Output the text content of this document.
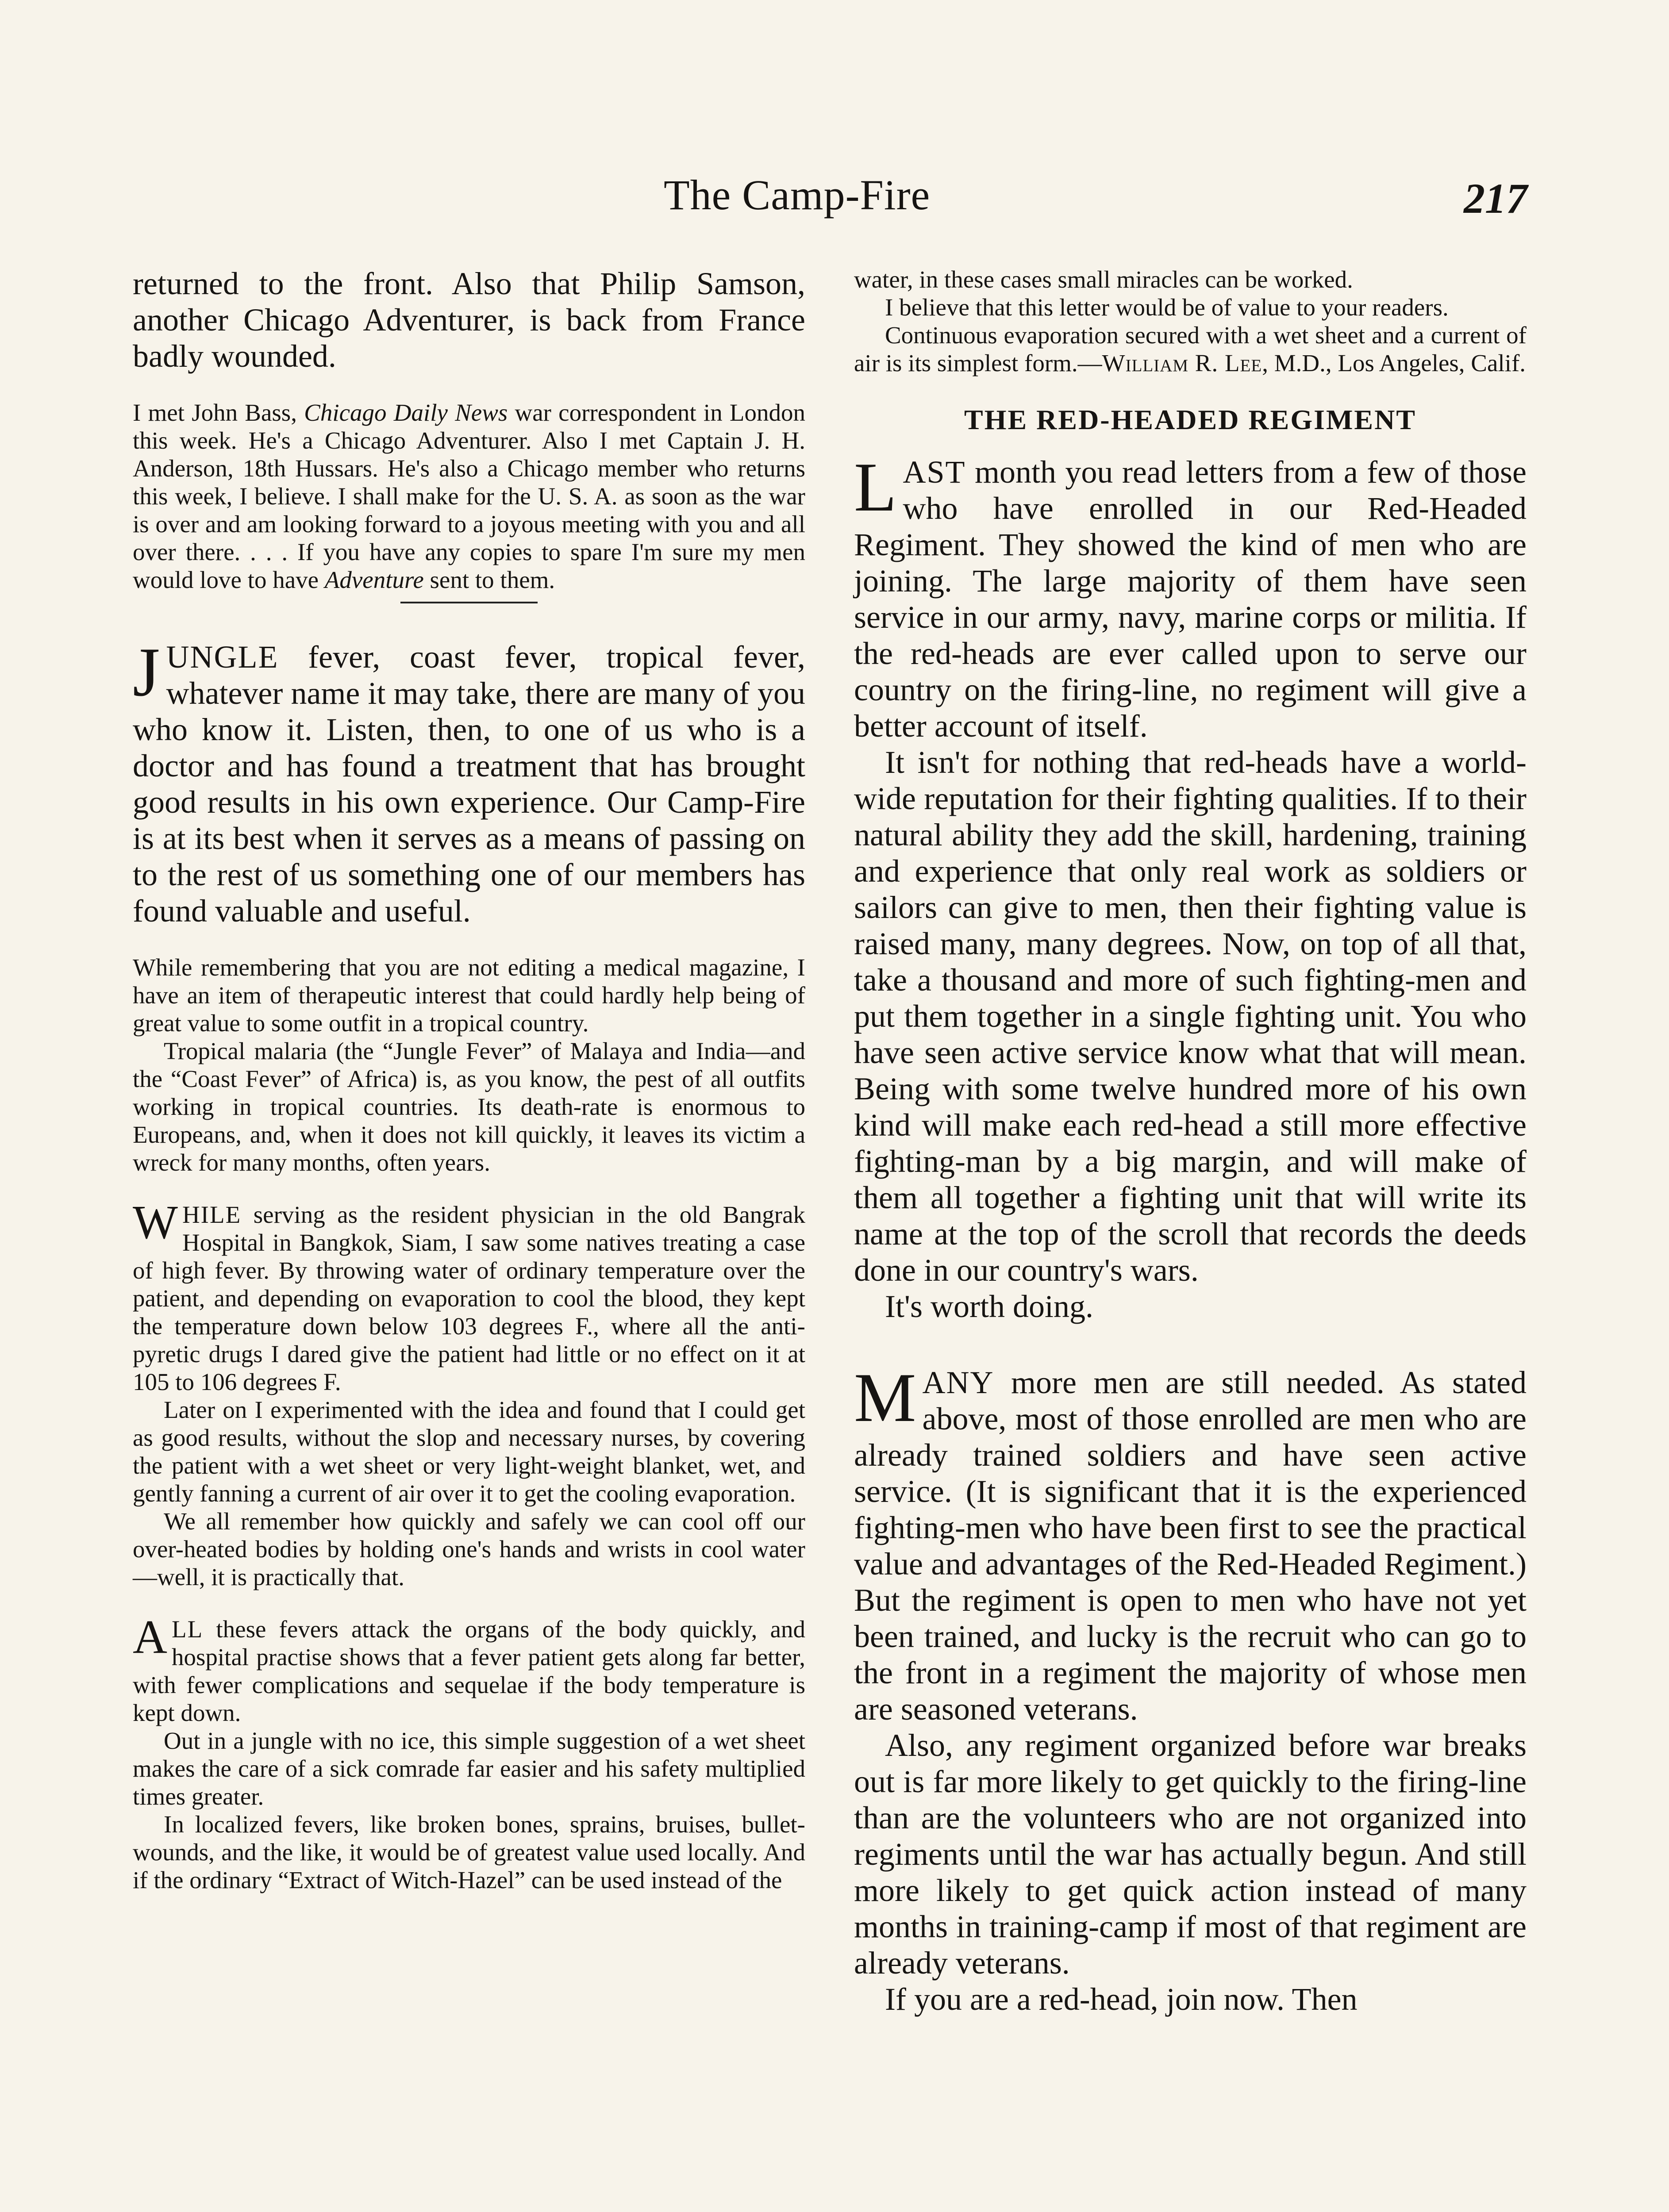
The Camp-Fire	217

returned to the front. Also that Philip Samson, another Chicago Adventurer, is back from France badly wounded.

I met John Bass, Chicago Daily News war correspondent in London this week. He's a Chicago Adventurer. Also I met Captain J. H. Anderson, 18th Hussars. He's also a Chicago member who returns this week, I believe. I shall make for the U. S. A. as soon as the war is over and am looking forward to a joyous meeting with you and all over there. . . . If you have any copies to spare I'm sure my men would love to have Adventure sent to them.

JUNGLE fever, coast fever, tropical fever, whatever name it may take, there are many of you who know it. Listen, then, to one of us who is a doctor and has found a treatment that has brought good results in his own experience. Our Camp-Fire is at its best when it serves as a means of passing on to the rest of us something one of our members has found valuable and useful.

While remembering that you are not editing a medical magazine, I have an item of therapeutic interest that could hardly help being of great value to some outfit in a tropical country.

Tropical malaria (the “Jungle Fever” of Malaya and India—and the “Coast Fever” of Africa) is, as you know, the pest of all outfits working in tropical countries. Its death-rate is enormous to Europeans, and, when it does not kill quickly, it leaves its victim a wreck for many months, often years.

WHILE serving as the resident physician in the old Bangrak Hospital in Bangkok, Siam, I saw some natives treating a case of high fever. By throwing water of ordinary temperature over the patient, and depending on evaporation to cool the blood, they kept the temperature down below 103 degrees F., where all the anti-pyretic drugs I dared give the patient had little or no effect on it at 105 to 106 degrees F.

Later on I experimented with the idea and found that I could get as good results, without the slop and necessary nurses, by covering the patient with a wet sheet or very light-weight blanket, wet, and gently fanning a current of air over it to get the cooling evaporation.

We all remember how quickly and safely we can cool off our over-heated bodies by holding one's hands and wrists in cool water—well, it is practically that.

ALL these fevers attack the organs of the body quickly, and hospital practise shows that a fever patient gets along far better, with fewer complications and sequelae if the body temperature is kept down.

Out in a jungle with no ice, this simple suggestion of a wet sheet makes the care of a sick comrade far easier and his safety multiplied times greater.

In localized fevers, like broken bones, sprains, bruises, bullet-wounds, and the like, it would be of greatest value used locally. And if the ordinary “Extract of Witch-Hazel” can be used instead of the

water, in these cases small miracles can be worked.

I believe that this letter would be of value to your readers.

Continuous evaporation secured with a wet sheet and a current of air is its simplest form.—William R. Lee, M.D., Los Angeles, Calif.

THE RED-HEADED REGIMENT

LAST month you read letters from a few of those who have enrolled in our Red-Headed Regiment. They showed the kind of men who are joining. The large majority of them have seen service in our army, navy, marine corps or militia. If the red-heads are ever called upon to serve our country on the firing-line, no regiment will give a better account of itself.

It isn't for nothing that red-heads have a world-wide reputation for their fighting qualities. If to their natural ability they add the skill, hardening, training and experience that only real work as soldiers or sailors can give to men, then their fighting value is raised many, many degrees. Now, on top of all that, take a thousand and more of such fighting-men and put them together in a single fighting unit. You who have seen active service know what that will mean. Being with some twelve hundred more of his own kind will make each red-head a still more effective fighting-man by a big margin, and will make of them all together a fighting unit that will write its name at the top of the scroll that records the deeds done in our country's wars.

It's worth doing.

MANY more men are still needed. As stated above, most of those enrolled are men who are already trained soldiers and have seen active service. (It is significant that it is the experienced fighting-men who have been first to see the practical value and advantages of the Red-Headed Regiment.) But the regiment is open to men who have not yet been trained, and lucky is the recruit who can go to the front in a regiment the majority of whose men are seasoned veterans.

Also, any regiment organized before war breaks out is far more likely to get quickly to the firing-line than are the volunteers who are not organized into regiments until the war has actually begun. And still more likely to get quick action instead of many months in training-camp if most of that regiment are already veterans.

If you are a red-head, join now. Then
